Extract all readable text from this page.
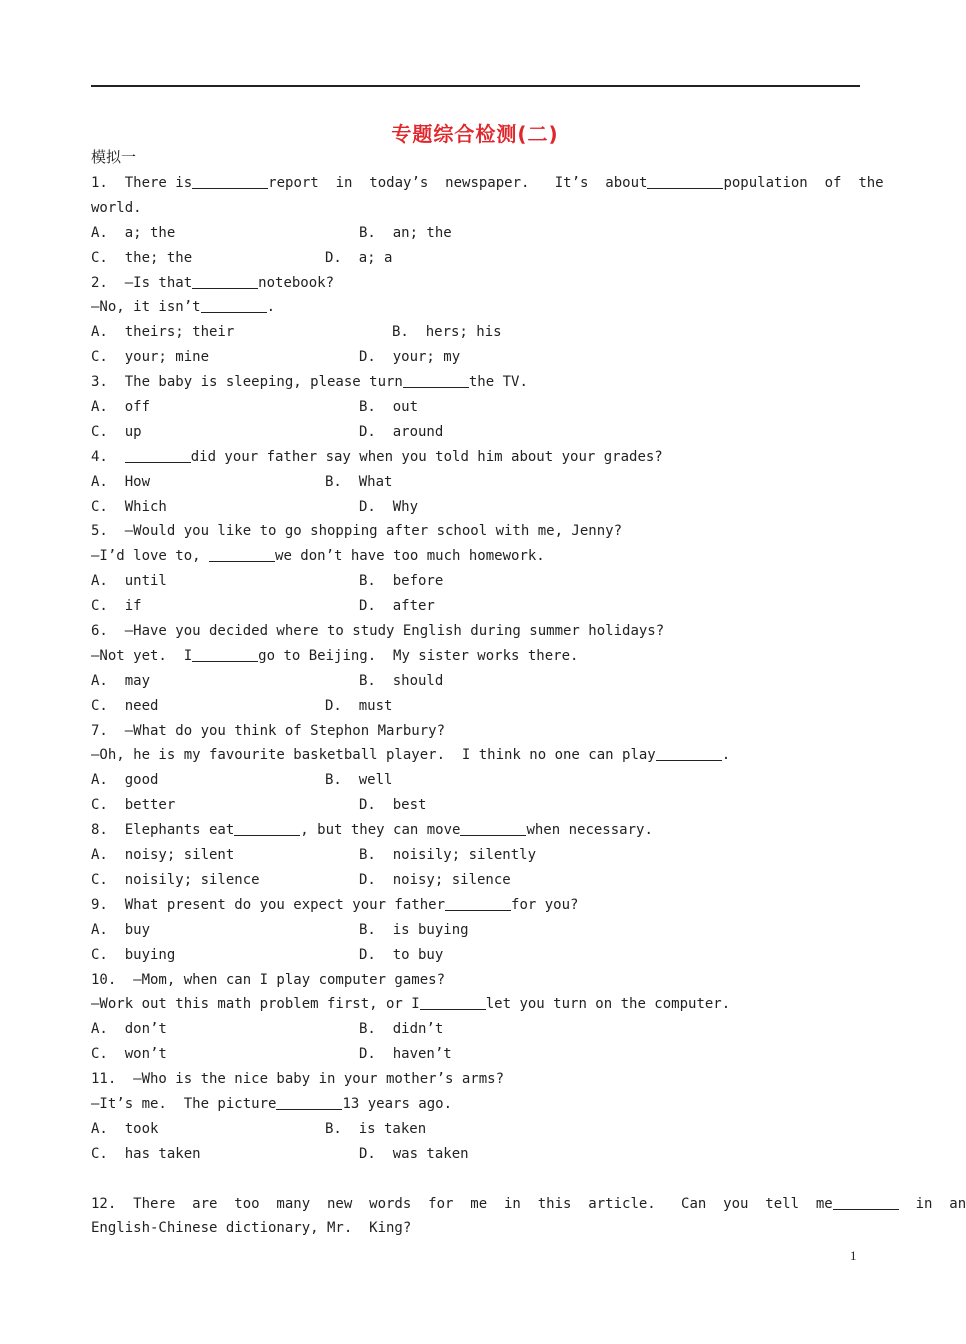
专题综合检测(二)
模拟一
1.  There is	report  in  today’s  newspaper.   It’s  about	population  of  the
world.
A.  a; the	B.  an; the
C.  the; the	D.  a; a
2.  —Is that	notebook?
—No, it isn’t	.
A.  theirs; their	B.  hers; his
C.  your; mine	D.  your; my
3.  The baby is sleeping, please turn	the TV.
A.  off	B.  out
C.  up	D.  around
4.	did your father say when you told him about your grades?
A.  How	B.  What
C.  Which	D.  Why
5.  —Would you like to go shopping after school with me, Jenny?
—I’d love to,	we don’t have too much homework.
A.  until	B.  before
C.  if	D.  after
6.  —Have you decided where to study English during summer holidays?
—Not yet.  I	go to Beijing.  My sister works there.
A.  may	B.  should
C.  need	D.  must
7.  —What do you think of Stephon Marbury?
—Oh, he is my favourite basketball player.  I think no one can play	.
A.  good	B.  well
C.  better	D.  best
8.  Elephants eat	, but they can move	when necessary.
A.  noisy; silent	B.  noisily; silently
C.  noisily; silence	D.  noisy; silence
9.  What present do you expect your father	for you?
A.  buy	B.  is buying
C.  buying	D.  to buy
10.  —Mom, when can I play computer games?
—Work out this math problem first, or I	let you turn on the computer.
A.  don’t	B.  didn’t
C.  won’t	D.  haven’t
11.  —Who is the nice baby in your mother’s arms?
—It’s me.  The picture	13 years ago.
A.  took	B.  is taken
C.  has taken	D.  was taken
12.  There  are  too  many  new  words  for  me  in  this  article.   Can  you  tell  me	in  an
English-Chinese dictionary, Mr.  King?
1
